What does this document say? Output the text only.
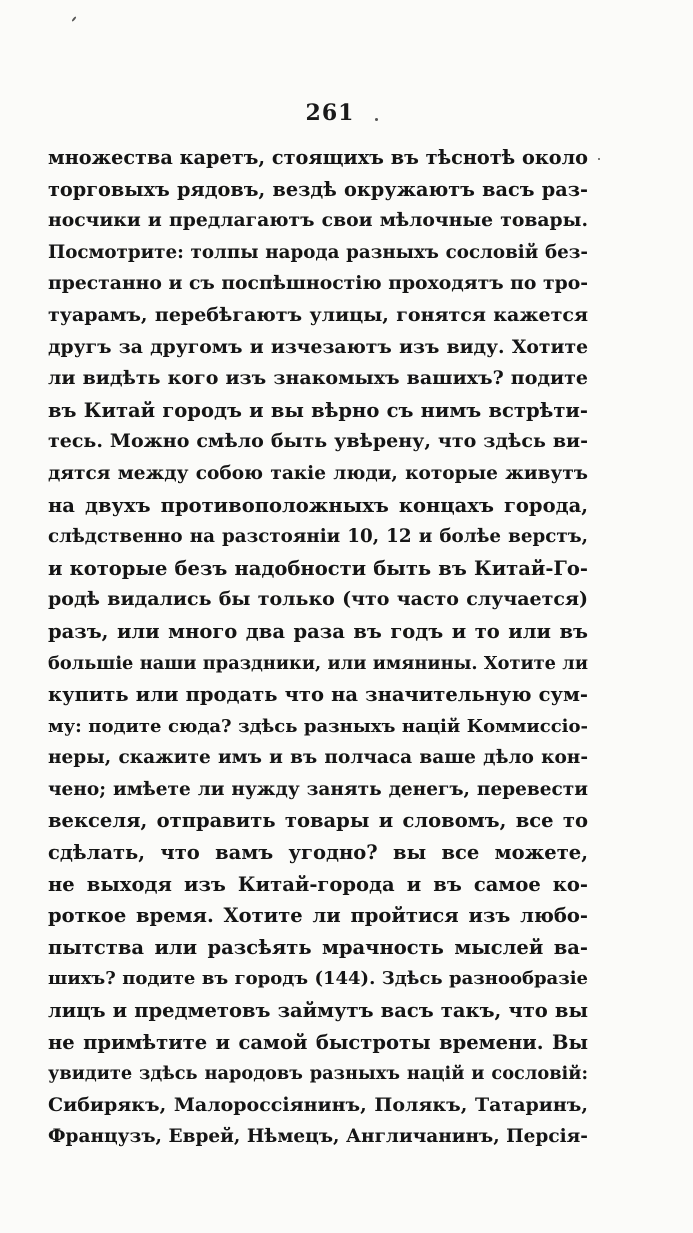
261
множества каретъ, стоящихъ въ тѣснотѣ около
торговыхъ рядовъ, вездѣ окружаютъ васъ раз-
носчики и предлагаютъ свои мѣлочные товары.
Посмотрите: толпы народа разныхъ сословій без-
престанно и съ поспѣшностію проходятъ по тро-
туарамъ, перебѣгаютъ улицы, гонятся кажется
другъ за другомъ и изчезаютъ изъ виду. Хотите
ли видѣть кого изъ знакомыхъ вашихъ? подите
въ Китай городъ и вы вѣрно съ нимъ встрѣти-
тесь. Можно смѣло быть увѣрену, что здѣсь ви-
дятся между собою такіе люди, которые живутъ
на двухъ противоположныхъ концахъ города,
слѣдственно на разстояніи 10, 12 и болѣе верстъ,
и которые безъ надобности быть въ Китай-Го-
родѣ видались бы только (что часто случается)
разъ, или много два раза въ годъ и то или въ
большіе наши праздники, или имянины. Хотите ли
купить или продать что на значительную сум-
му: подите сюда? здѣсь разныхъ націй Коммиссіо-
неры, скажите имъ и въ полчаса ваше дѣло кон-
чено; имѣете ли нужду занять денегъ, перевести
векселя, отправить товары и словомъ, все то
сдѣлать, что вамъ угодно? вы все можете,
не выходя изъ Китай-города и въ самое ко-
роткое время. Хотите ли пройтися изъ любо-
пытства или разсѣять мрачность мыслей ва-
шихъ? подите въ городъ (144). Здѣсь разнообразіе
лицъ и предметовъ займутъ васъ такъ, что вы
не примѣтите и самой быстроты времени. Вы
увидите здѣсь народовъ разныхъ націй и сословій:
Сибирякъ, Малороссіянинъ, Полякъ, Татаринъ,
Французъ, Еврей, Нѣмецъ, Англичанинъ, Персія-
